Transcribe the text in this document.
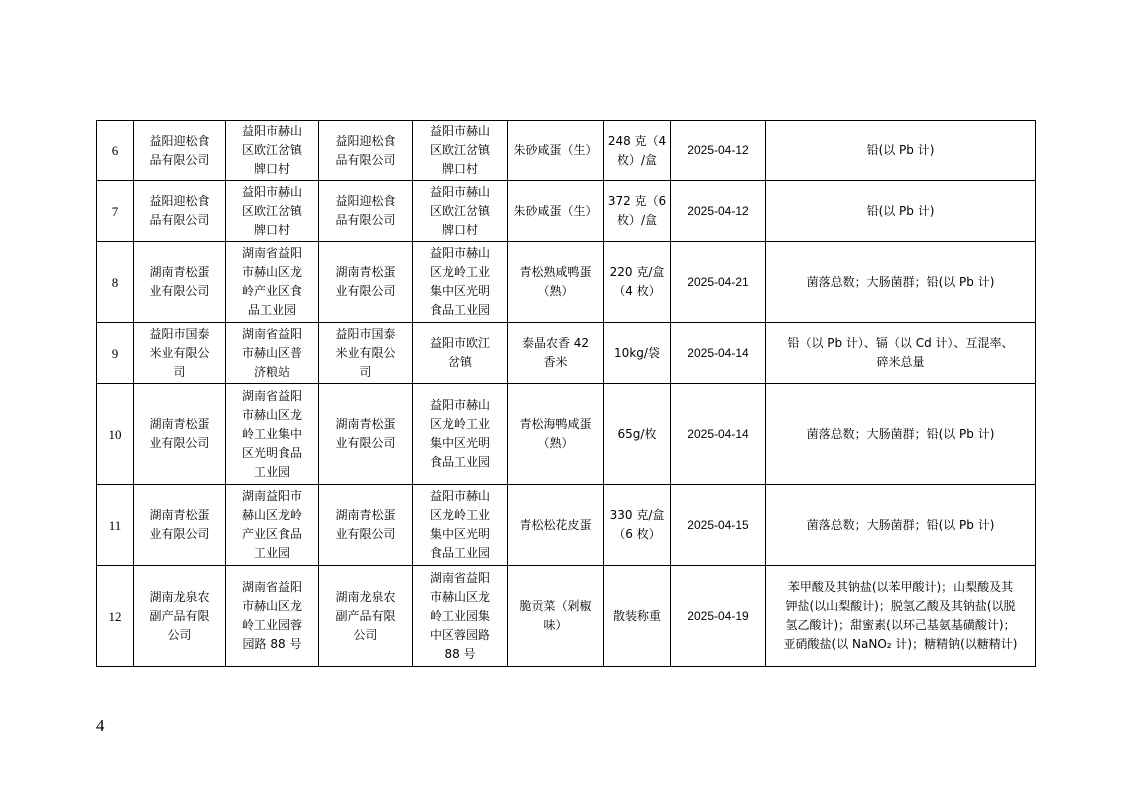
6	益阳迎松食
品有限公司	益阳市赫山
区欧江岔镇
牌口村	益阳迎松食
品有限公司	益阳市赫山
区欧江岔镇
牌口村	朱砂咸蛋（生）	248 克（4
枚）/盒	2025-04-12	铅(以 Pb 计)

7	益阳迎松食
品有限公司	益阳市赫山
区欧江岔镇
牌口村	益阳迎松食
品有限公司	益阳市赫山
区欧江岔镇
牌口村	朱砂咸蛋（生）	372 克（6
枚）/盒	2025-04-12	铅(以 Pb 计)

8	湖南青松蛋
业有限公司	湖南省益阳
市赫山区龙
岭产业区食
品工业园	湖南青松蛋
业有限公司	益阳市赫山
区龙岭工业
集中区光明
食品工业园	青松熟咸鸭蛋
（熟）	220 克/盒
（4 枚）	2025-04-21	菌落总数；大肠菌群；铅(以 Pb 计)

9	益阳市国泰
米业有限公
司	湖南省益阳
市赫山区普
济粮站	益阳市国泰
米业有限公
司	益阳市欧江
岔镇	泰晶农香 42
香米	10kg/袋	2025-04-14	铅（以 Pb 计）、镉（以 Cd 计）、互混率、
碎米总量

10	湖南青松蛋
业有限公司	湖南省益阳
市赫山区龙
岭工业集中
区光明食品
工业园	湖南青松蛋
业有限公司	益阳市赫山
区龙岭工业
集中区光明
食品工业园	青松海鸭咸蛋
（熟）	65g/枚	2025-04-14	菌落总数；大肠菌群；铅(以 Pb 计)

11	湖南青松蛋
业有限公司	湖南益阳市
赫山区龙岭
产业区食品
工业园	湖南青松蛋
业有限公司	益阳市赫山
区龙岭工业
集中区光明
食品工业园	青松松花皮蛋	330 克/盒
（6 枚）	2025-04-15	菌落总数；大肠菌群；铅(以 Pb 计)

12	湖南龙泉农
副产品有限
公司	湖南省益阳
市赫山区龙
岭工业园蓉
园路 88 号	湖南龙泉农
副产品有限
公司	湖南省益阳
市赫山区龙
岭工业园集
中区蓉园路
88 号	脆贡菜（剁椒
味）	散装称重	2025-04-19	苯甲酸及其钠盐(以苯甲酸计)；山梨酸及其
钾盐(以山梨酸计)；脱氢乙酸及其钠盐(以脱
氢乙酸计)；甜蜜素(以环己基氨基磺酸计)；
亚硝酸盐(以 NaNO₂ 计)；糖精钠(以糖精计)
4
